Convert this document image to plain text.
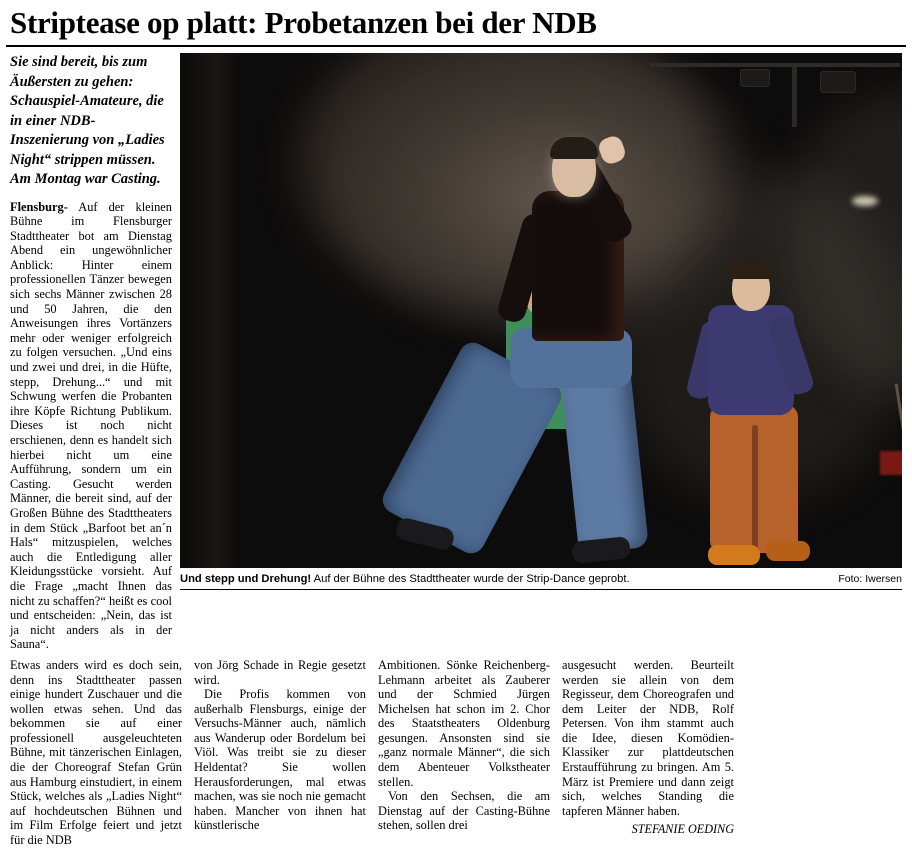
Striptease op platt: Probetanzen bei der NDB

Sie sind bereit, bis zum Äußersten zu gehen: Schauspiel-Amateure, die in einer NDB-Inszenierung von „Ladies Night“ strippen müssen. Am Montag war Casting.

Flensburg- Auf der kleinen Bühne im Flensburger Stadttheater bot am Dienstag Abend ein ungewöhnlicher Anblick: Hinter einem professionellen Tänzer bewegen sich sechs Männer zwischen 28 und 50 Jahren, die den Anweisungen ihres Vortänzers mehr oder weniger erfolgreich zu folgen versuchen. „Und eins und zwei und drei, in die Hüfte, stepp, Drehung...“ und mit Schwung werfen die Probanten ihre Köpfe Richtung Publikum. Dieses ist noch nicht erschienen, denn es handelt sich hierbei nicht um eine Aufführung, sondern um ein Casting. Gesucht werden Männer, die bereit sind, auf der Großen Bühne des Stadttheaters in dem Stück „Barfoot bet an´n Hals“ mitzuspielen, welches auch die Entledigung aller Kleidungsstücke vorsieht. Auf die Frage „macht Ihnen das nicht zu schaffen?“ heißt es cool und entscheiden: „Nein, das ist ja nicht anders als in der Sauna“.

Und stepp und Drehung! Auf der Bühne des Stadttheater wurde der Strip-Dance geprobt.	Foto: Iwersen

Etwas anders wird es doch sein, denn ins Stadttheater passen einige hundert Zuschauer und die wollen etwas sehen. Und das bekommen sie auf einer professionell ausgeleuchteten Bühne, mit tänzerischen Einlagen, die der Choreograf Stefan Grün aus Hamburg einstudiert, in einem Stück, welches als „Ladies Night“ auf hochdeutschen Bühnen und im Film Erfolge feiert und jetzt für die NDB

von Jörg Schade in Regie gesetzt wird.

Die Profis kommen von außerhalb Flensburgs, einige der Versuchs-Männer auch, nämlich aus Wanderup oder Bordelum bei Viöl. Was treibt sie zu dieser Heldentat? Sie wollen Herausforderungen, mal etwas machen, was sie noch nie gemacht haben. Mancher von ihnen hat künstlerische

Ambitionen. Sönke Reichenberg-Lehmann arbeitet als Zauberer und der Schmied Jürgen Michelsen hat schon im 2. Chor des Staatstheaters Oldenburg gesungen. Ansonsten sind sie „ganz normale Männer“, die sich dem Abenteuer Volkstheater stellen.

Von den Sechsen, die am Dienstag auf der Casting-Bühne stehen, sollen drei

ausgesucht werden. Beurteilt werden sie allein von dem Regisseur, dem Choreografen und dem Leiter der NDB, Rolf Petersen. Von ihm stammt auch die Idee, diesen Komödien-Klassiker zur plattdeutschen Erstaufführung zu bringen. Am 5. März ist Premiere und dann zeigt sich, welches Standing die tapferen Männer haben.

STEFANIE OEDING
